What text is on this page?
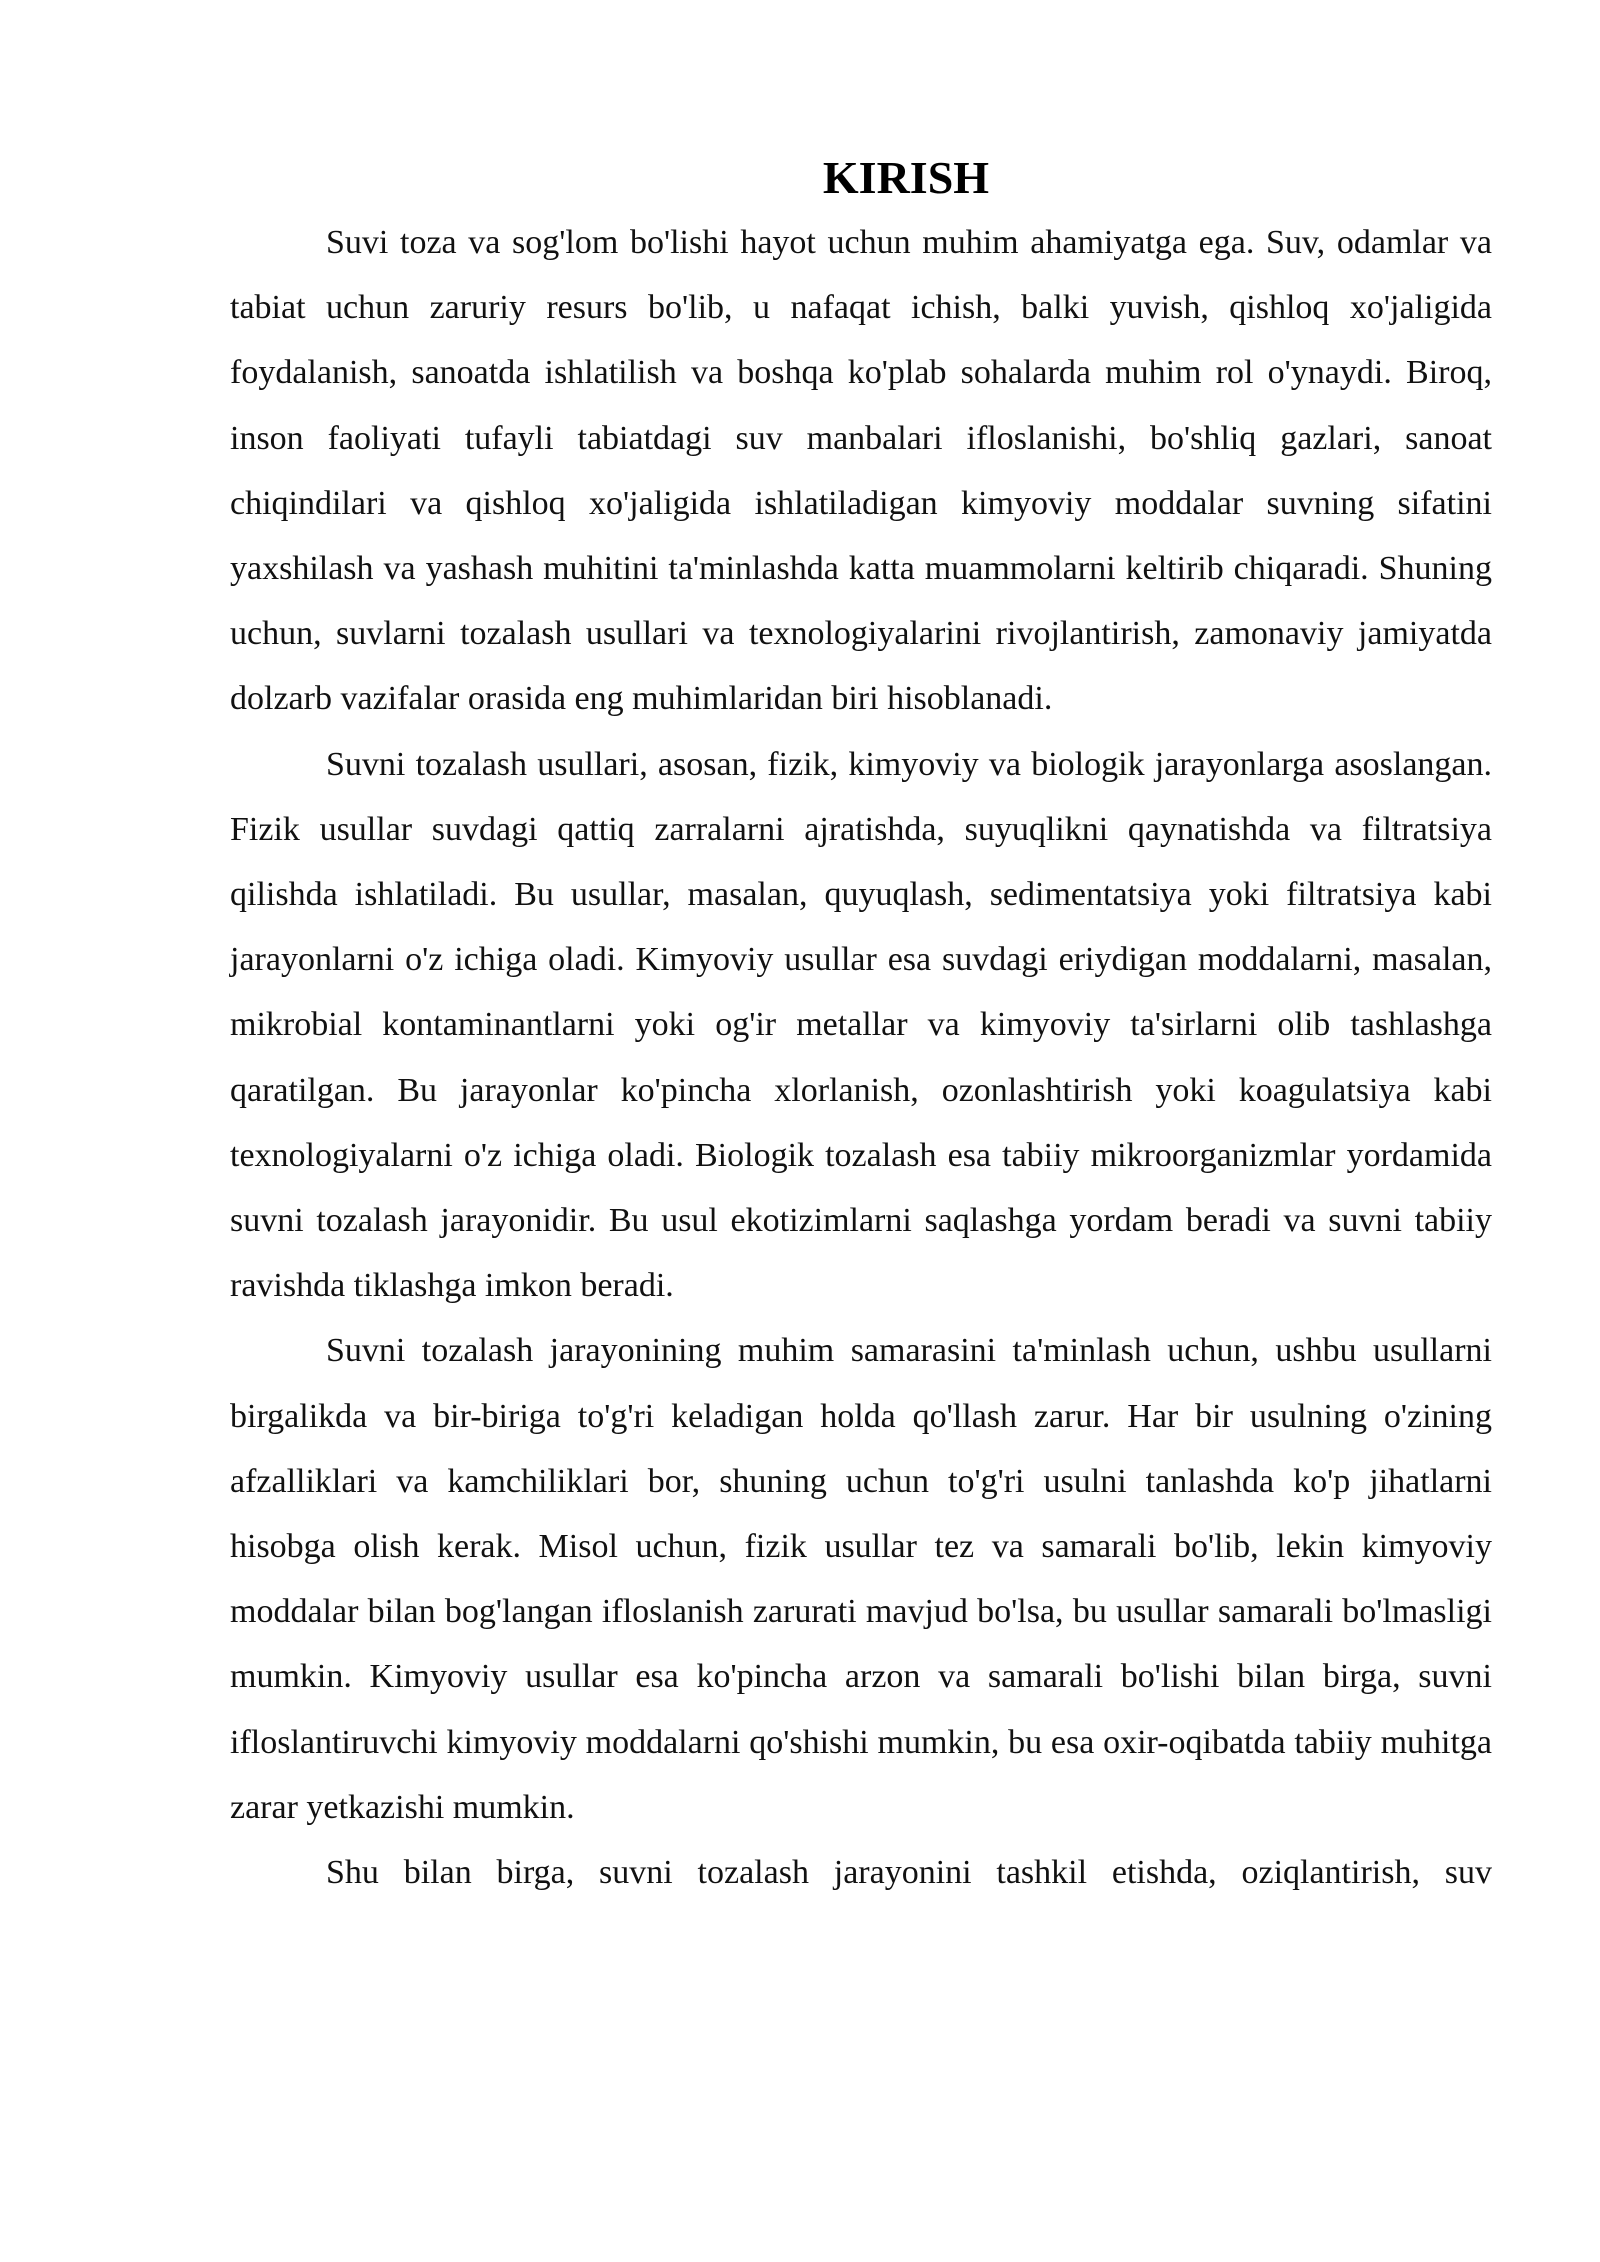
KIRISH

Suvi toza va sog'lom bo'lishi hayot uchun muhim ahamiyatga ega. Suv, odamlar va tabiat uchun zaruriy resurs bo'lib, u nafaqat ichish, balki yuvish, qishloq xo'jaligida foydalanish, sanoatda ishlatilish va boshqa ko'plab sohalarda muhim rol o'ynaydi. Biroq, inson faoliyati tufayli tabiatdagi suv manbalari ifloslanishi, bo'shliq gazlari, sanoat chiqindilari va qishloq xo'jaligida ishlatiladigan kimyoviy moddalar suvning sifatini yaxshilash va yashash muhitini ta'minlashda katta muammolarni keltirib chiqaradi. Shuning uchun, suvlarni tozalash usullari va texnologiyalarini rivojlantirish, zamonaviy jamiyatda dolzarb vazifalar orasida eng muhimlaridan biri hisoblanadi.

Suvni tozalash usullari, asosan, fizik, kimyoviy va biologik jarayonlarga asoslangan. Fizik usullar suvdagi qattiq zarralarni ajratishda, suyuqlikni qaynatishda va filtratsiya qilishda ishlatiladi. Bu usullar, masalan, quyuqlash, sedimentatsiya yoki filtratsiya kabi jarayonlarni o'z ichiga oladi. Kimyoviy usullar esa suvdagi eriydigan moddalarni, masalan, mikrobial kontaminantlarni yoki og'ir metallar va kimyoviy ta'sirlarni olib tashlashga qaratilgan. Bu jarayonlar ko'pincha xlorlanish, ozonlashtirish yoki koagulatsiya kabi texnologiyalarni o'z ichiga oladi. Biologik tozalash esa tabiiy mikroorganizmlar yordamida suvni tozalash jarayonidir. Bu usul ekotizimlarni saqlashga yordam beradi va suvni tabiiy ravishda tiklashga imkon beradi.

Suvni tozalash jarayonining muhim samarasini ta'minlash uchun, ushbu usullarni birgalikda va bir-biriga to'g'ri keladigan holda qo'llash zarur. Har bir usulning o'zining afzalliklari va kamchiliklari bor, shuning uchun to'g'ri usulni tanlashda ko'p jihatlarni hisobga olish kerak. Misol uchun, fizik usullar tez va samarali bo'lib, lekin kimyoviy moddalar bilan bog'langan ifloslanish zarurati mavjud bo'lsa, bu usullar samarali bo'lmasligi mumkin. Kimyoviy usullar esa ko'pincha arzon va samarali bo'lishi bilan birga, suvni ifloslantiruvchi kimyoviy moddalarni qo'shishi mumkin, bu esa oxir-oqibatda tabiiy muhitga zarar yetkazishi mumkin.

Shu bilan birga, suvni tozalash jarayonini tashkil etishda, oziqlantirish, suv
